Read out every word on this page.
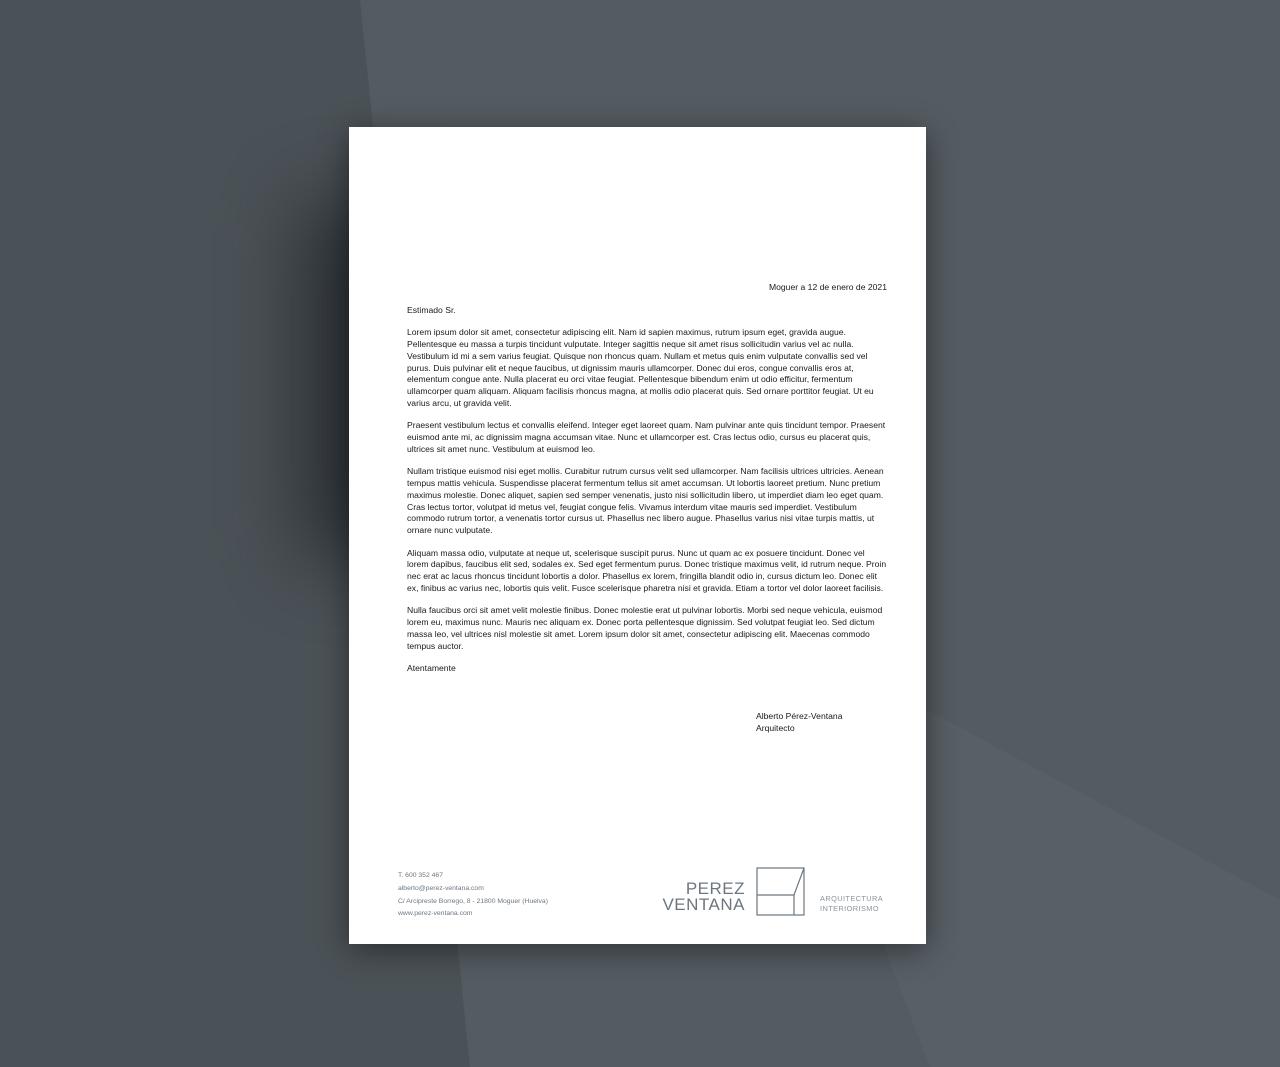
Moguer a 12 de enero de 2021

Estimado Sr.

Lorem ipsum dolor sit amet, consectetur adipiscing elit. Nam id sapien maximus, rutrum ipsum eget, gravida augue. Pellentesque eu massa a turpis tincidunt vulputate. Integer sagittis neque sit amet risus sollicitudin varius vel ac nulla. Vestibulum id mi a sem varius feugiat. Quisque non rhoncus quam. Nullam et metus quis enim vulputate convallis sed vel purus. Duis pulvinar elit et neque faucibus, ut dignissim mauris ullamcorper. Donec dui eros, congue convallis eros at, elementum congue ante. Nulla placerat eu orci vitae feugiat. Pellentesque bibendum enim ut odio efficitur, fermentum ullamcorper quam aliquam. Aliquam facilisis rhoncus magna, at mollis odio placerat quis. Sed ornare porttitor feugiat. Ut eu varius arcu, ut gravida velit.

Praesent vestibulum lectus et convallis eleifend. Integer eget laoreet quam. Nam pulvinar ante quis tincidunt tempor. Praesent euismod ante mi, ac dignissim magna accumsan vitae. Nunc et ullamcorper est. Cras lectus odio, cursus eu placerat quis, ultrices sit amet nunc. Vestibulum at euismod leo.

Nullam tristique euismod nisi eget mollis. Curabitur rutrum cursus velit sed ullamcorper. Nam facilisis ultrices ultricies. Aenean tempus mattis vehicula. Suspendisse placerat fermentum tellus sit amet accumsan. Ut lobortis laoreet pretium. Nunc pretium maximus molestie. Donec aliquet, sapien sed semper venenatis, justo nisi sollicitudin libero, ut imperdiet diam leo eget quam. Cras lectus tortor, volutpat id metus vel, feugiat congue felis. Vivamus interdum vitae mauris sed imperdiet. Vestibulum commodo rutrum tortor, a venenatis tortor cursus ut. Phasellus nec libero augue. Phasellus varius nisi vitae turpis mattis, ut ornare nunc vulputate.

Aliquam massa odio, vulputate at neque ut, scelerisque suscipit purus. Nunc ut quam ac ex posuere tincidunt. Donec vel lorem dapibus, faucibus elit sed, sodales ex. Sed eget fermentum purus. Donec tristique maximus velit, id rutrum neque. Proin nec erat ac lacus rhoncus tincidunt lobortis a dolor. Phasellus ex lorem, fringilla blandit odio in, cursus dictum leo. Donec elit ex, finibus ac varius nec, lobortis quis velit. Fusce scelerisque pharetra nisi et gravida. Etiam a tortor vel dolor laoreet facilisis.

Nulla faucibus orci sit amet velit molestie finibus. Donec molestie erat ut pulvinar lobortis. Morbi sed neque vehicula, euismod lorem eu, maximus nunc. Mauris nec aliquam ex. Donec porta pellentesque dignissim. Sed volutpat feugiat leo. Sed dictum massa leo, vel ultrices nisl molestie sit amet. Lorem ipsum dolor sit amet, consectetur adipiscing elit. Maecenas commodo tempus auctor.

Atentamente

Alberto Pérez-Ventana
Arquitecto
T. 600 352 467
alberto@perez-ventana.com
C/ Arcipreste Borrego, 8 - 21800 Moguer (Huelva)
www.perez-ventana.com
PEREZ
VENTANA	ARQUITECTURA
INTERIORISMO
